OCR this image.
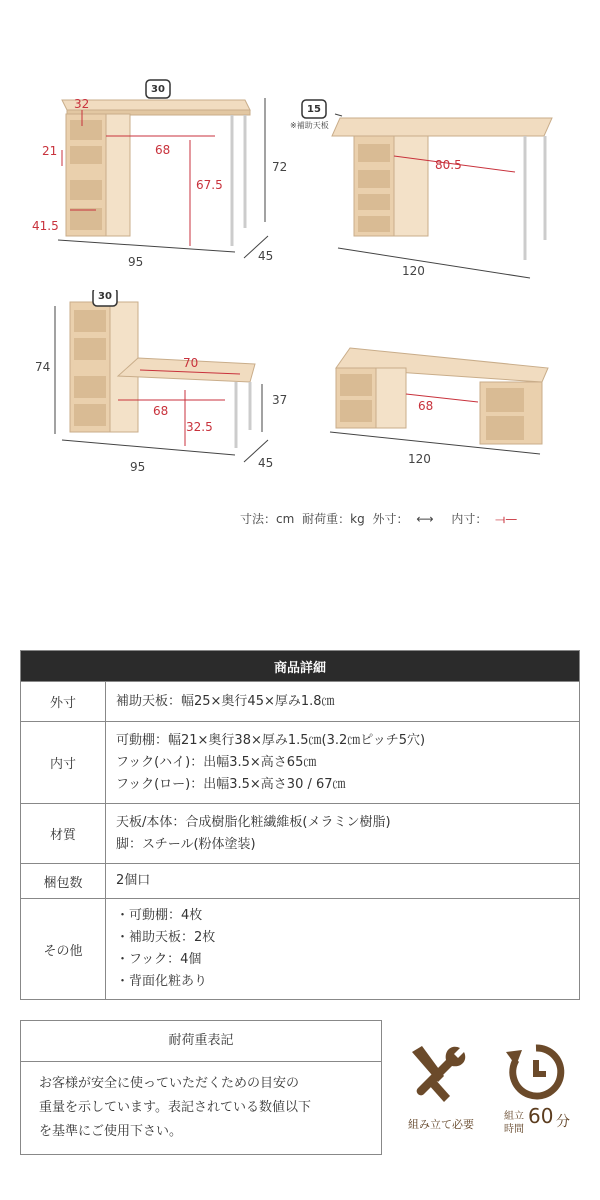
30
32
21	68
67.5
41.5
72
95	45
15
※補助天板
80.5
120
30
70
68
32.5
74
37
95	45
68
120
寸法：cm 耐荷重：kg 外寸： ⟷ 内寸： ⟞—
商品詳細	
外寸	補助天板：幅25×奥行45×厚み1.8㎝

内寸	可動棚：幅21×奥行38×厚み1.5㎝(3.2㎝ピッチ5穴)
フック(ハイ)：出幅3.5×高さ65㎝
フック(ロー)：出幅3.5×高さ30 / 67㎝

材質	天板/本体：合成樹脂化粧繊維板(メラミン樹脂)
脚：スチール(粉体塗装)

梱包数	2個口

その他	・可動棚：4枚
・補助天板：2枚
・フック：4個
・背面化粧あり
耐荷重表記
お客様が安全に使っていただくための目安の
重量を示しています。表記されている数値以下
を基準にご使用下さい。	組み立て必要
組立
時間
60 分
